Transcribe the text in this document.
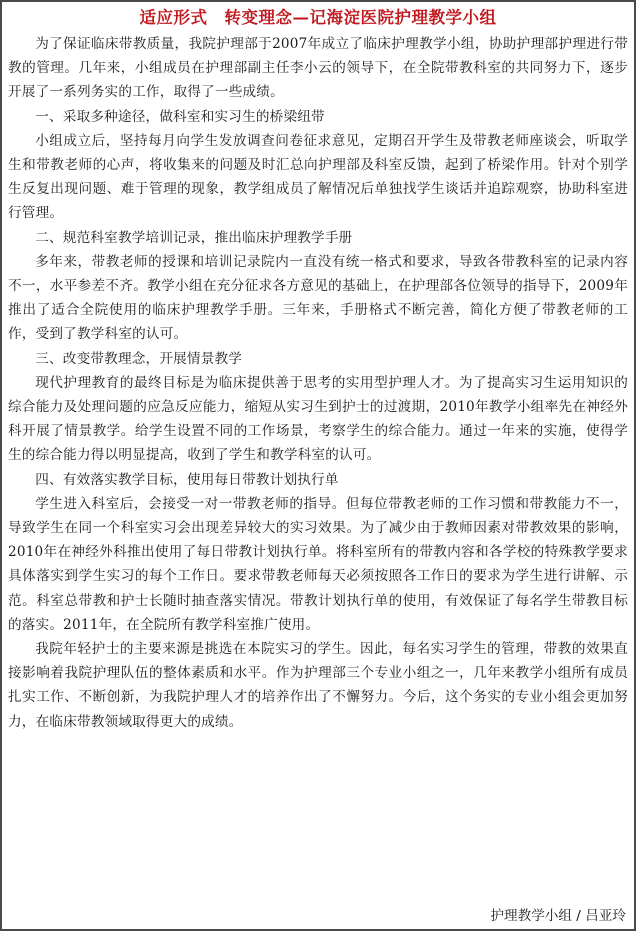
适应形式　转变理念—记海淀医院护理教学小组

为了保证临床带教质量，我院护理部于2007年成立了临床护理教学小组，协助护理部护理进行带教的管理。几年来，小组成员在护理部副主任李小云的领导下，在全院带教科室的共同努力下，逐步开展了一系列务实的工作，取得了一些成绩。

一、采取多种途径，做科室和实习生的桥梁纽带

小组成立后，坚持每月向学生发放调查问卷征求意见，定期召开学生及带教老师座谈会，听取学生和带教老师的心声，将收集来的问题及时汇总向护理部及科室反馈，起到了桥梁作用。针对个别学生反复出现问题、难于管理的现象，教学组成员了解情况后单独找学生谈话并追踪观察，协助科室进行管理。

二、规范科室教学培训记录，推出临床护理教学手册

多年来，带教老师的授课和培训记录院内一直没有统一格式和要求，导致各带教科室的记录内容不一，水平参差不齐。教学小组在充分征求各方意见的基础上，在护理部各位领导的指导下，2009年推出了适合全院使用的临床护理教学手册。三年来，手册格式不断完善，简化方便了带教老师的工作，受到了教学科室的认可。

三、改变带教理念，开展情景教学

现代护理教育的最终目标是为临床提供善于思考的实用型护理人才。为了提高实习生运用知识的综合能力及处理问题的应急反应能力，缩短从实习生到护士的过渡期，2010年教学小组率先在神经外科开展了情景教学。给学生设置不同的工作场景，考察学生的综合能力。通过一年来的实施，使得学生的综合能力得以明显提高，收到了学生和教学科室的认可。

四、有效落实教学目标，使用每日带教计划执行单

学生进入科室后，会接受一对一带教老师的指导。但每位带教老师的工作习惯和带教能力不一，导致学生在同一个科室实习会出现差异较大的实习效果。为了减少由于教师因素对带教效果的影响，2010年在神经外科推出使用了每日带教计划执行单。将科室所有的带教内容和各学校的特殊教学要求具体落实到学生实习的每个工作日。要求带教老师每天必须按照各工作日的要求为学生进行讲解、示范。科室总带教和护士长随时抽查落实情况。带教计划执行单的使用，有效保证了每名学生带教目标的落实。2011年，在全院所有教学科室推广使用。

我院年轻护士的主要来源是挑选在本院实习的学生。因此，每名实习学生的管理，带教的效果直接影响着我院护理队伍的整体素质和水平。作为护理部三个专业小组之一，几年来教学小组所有成员扎实工作、不断创新，为我院护理人才的培养作出了不懈努力。今后，这个务实的专业小组会更加努力，在临床带教领域取得更大的成绩。

护理教学小组 / 吕亚玲
